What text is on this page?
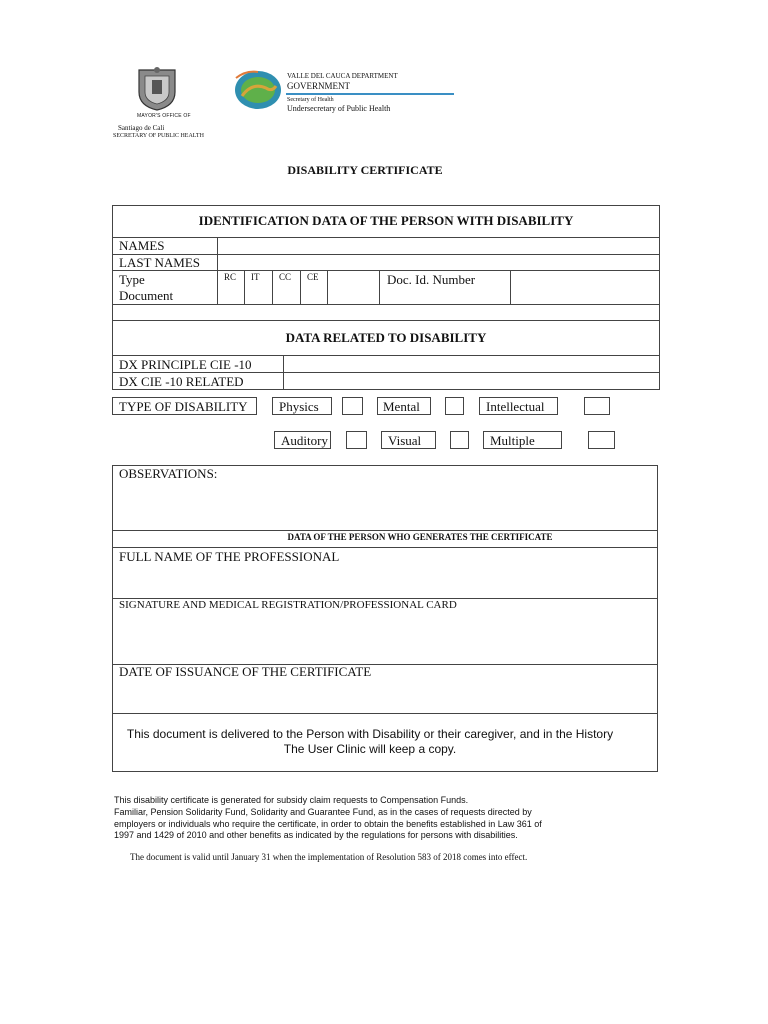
MAYOR'S OFFICE OF
Santiago de Cali
SECRETARY OF PUBLIC HEALTH
VALLE DEL CAUCA DEPARTMENT
GOVERNMENT
Secretary of Health
Undersecretary of Public Health
DISABILITY CERTIFICATE
IDENTIFICATION DATA OF THE PERSON WITH DISABILITY
NAMES
LAST NAMES
Type
Document
RC IT CC CE	Doc. Id. Number
DATA RELATED TO DISABILITY
DX PRINCIPLE CIE -10
DX CIE -10 RELATED
TYPE OF DISABILITY	Physics	Mental	Intellectual
Auditory	Visual	Multiple
OBSERVATIONS:
DATA OF THE PERSON WHO GENERATES THE CERTIFICATE
FULL NAME OF THE PROFESSIONAL
SIGNATURE AND MEDICAL REGISTRATION/PROFESSIONAL CARD
DATE OF ISSUANCE OF THE CERTIFICATE
This document is delivered to the Person with Disability or their caregiver, and in the History
The User Clinic will keep a copy.
This disability certificate is generated for subsidy claim requests to Compensation Funds.
Familiar, Pension Solidarity Fund, Solidarity and Guarantee Fund, as in the cases of requests directed by
employers or individuals who require the certificate, in order to obtain the benefits established in Law 361 of
1997 and 1429 of 2010 and other benefits as indicated by the regulations for persons with disabilities.
The document is valid until January 31 when the implementation of Resolution 583 of 2018 comes into effect.
